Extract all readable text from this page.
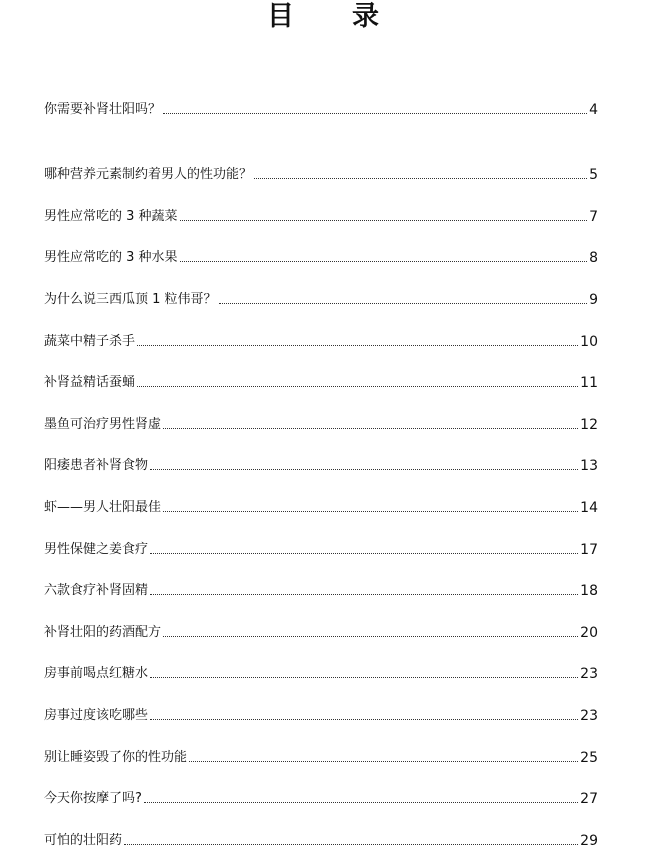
目录
你需要补肾壮阳吗？	4
哪种营养元素制约着男人的性功能？	5
男性应常吃的 3 种蔬菜	7
男性应常吃的 3 种水果	8
为什么说三西瓜顶 1 粒伟哥？	9
蔬菜中精子杀手	10
补肾益精话蚕蛹	11
墨鱼可治疗男性肾虚	12
阳痿患者补肾食物	13
虾——男人壮阳最佳	14
男性保健之姜食疗	17
六款食疗补肾固精	18
补肾壮阳的药酒配方	20
房事前喝点红糖水	23
房事过度该吃哪些	23
别让睡姿毁了你的性功能	25
今天你按摩了吗?	27
可怕的壮阳药	29
